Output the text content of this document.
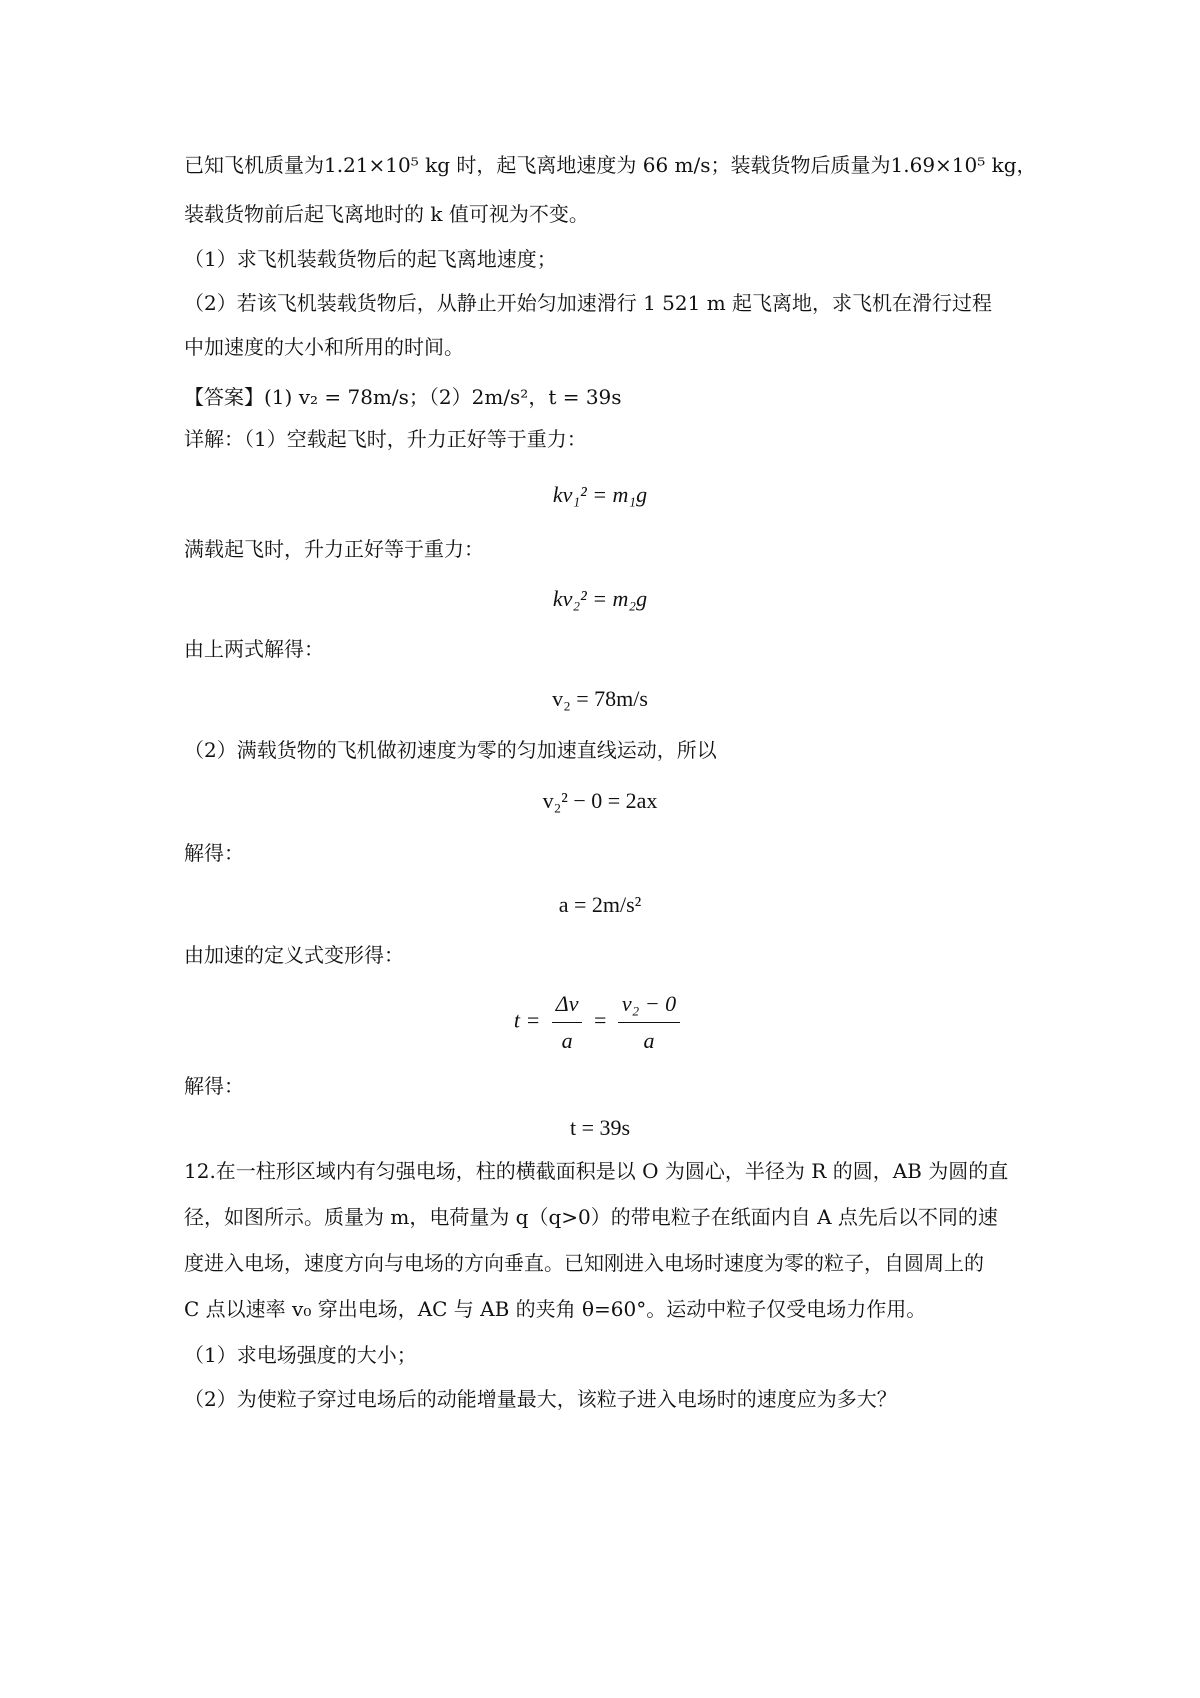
已知飞机质量为1.21×10⁵ kg 时，起飞离地速度为 66 m/s；装载货物后质量为1.69×10⁵ kg，
装载货物前后起飞离地时的 k 值可视为不变。
（1）求飞机装载货物后的起飞离地速度；
（2）若该飞机装载货物后，从静止开始匀加速滑行 1 521 m 起飞离地，求飞机在滑行过程
中加速度的大小和所用的时间。
【答案】(1) v₂ = 78m/s；（2）2m/s²，t = 39s
详解：（1）空载起飞时，升力正好等于重力：
kv₁² = m₁g
满载起飞时，升力正好等于重力：
kv₂² = m₂g
由上两式解得：
v₂ = 78m/s
（2）满载货物的飞机做初速度为零的匀加速直线运动，所以
v₂² − 0 = 2ax
解得：
a = 2m/s²
由加速的定义式变形得：
$t = \frac{\Delta v}{a} = \frac{\text{v₂ − 0}}{a}$
解得：
t = 39s
12.在一柱形区域内有匀强电场，柱的横截面积是以 O 为圆心，半径为 R 的圆，AB 为圆的直
径，如图所示。质量为 m，电荷量为 q（q>0）的带电粒子在纸面内自 A 点先后以不同的速
度进入电场，速度方向与电场的方向垂直。已知刚进入电场时速度为零的粒子，自圆周上的
C 点以速率 v₀ 穿出电场，AC 与 AB 的夹角 θ=60°。运动中粒子仅受电场力作用。
（1）求电场强度的大小；
（2）为使粒子穿过电场后的动能增量最大，该粒子进入电场时的速度应为多大？
